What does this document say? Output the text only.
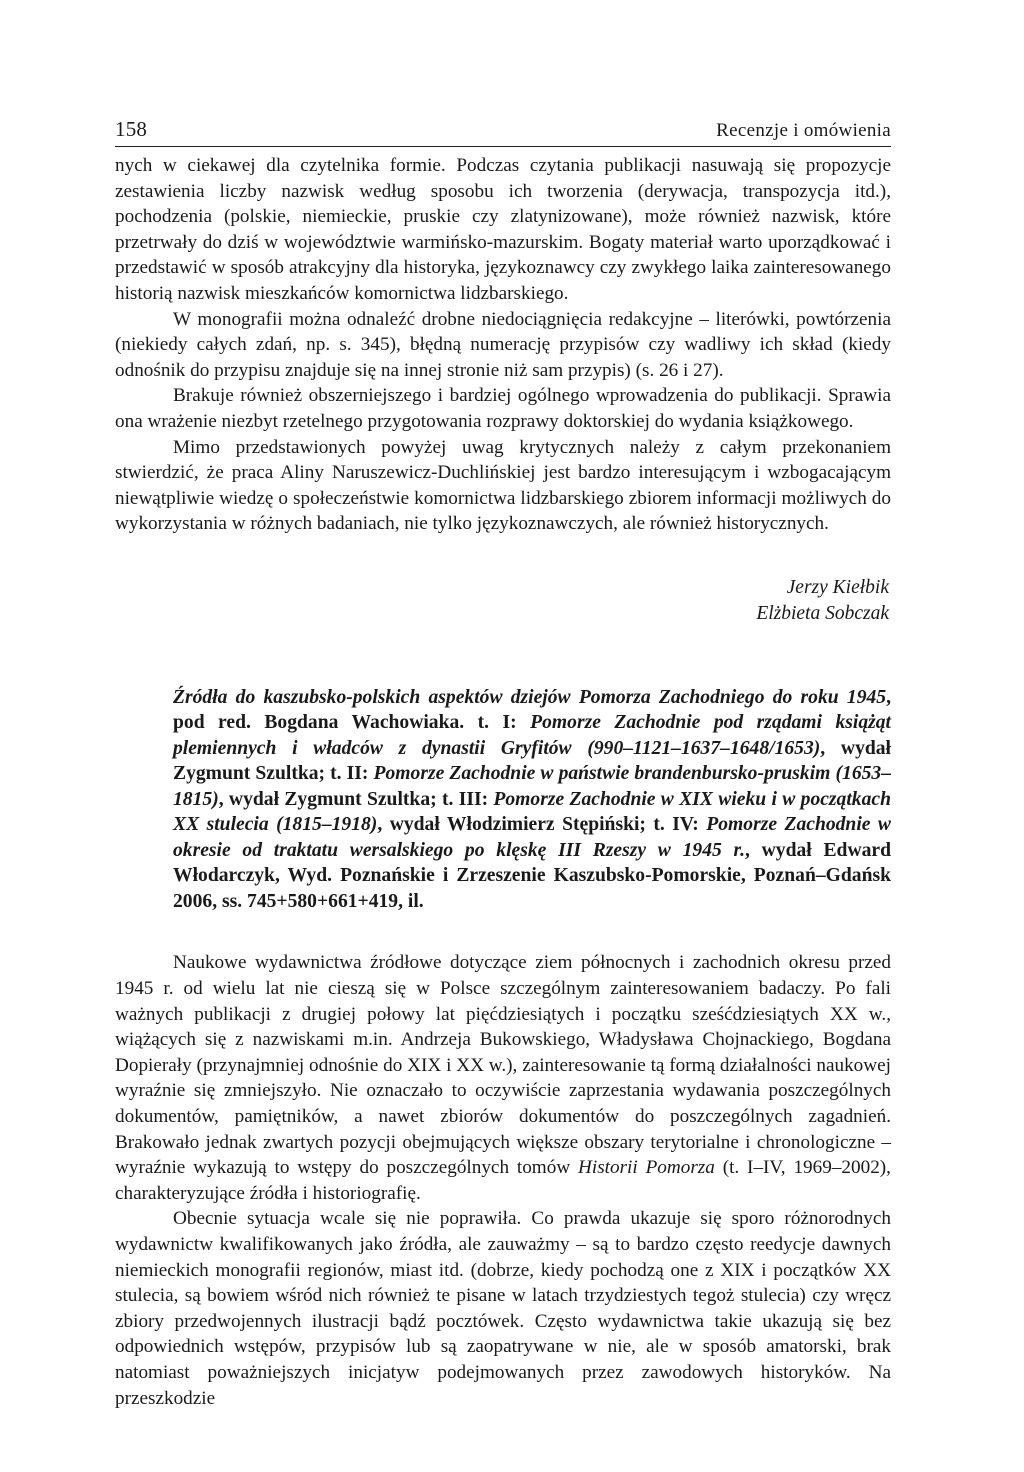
158	Recenzje i omówienia

nych w ciekawej dla czytelnika formie. Podczas czytania publikacji nasuwają się propozycje zestawienia liczby nazwisk według sposobu ich tworzenia (derywacja, transpozycja itd.), pochodzenia (polskie, niemieckie, pruskie czy zlatynizowane), może również nazwisk, które przetrwały do dziś w województwie warmińsko-mazurskim. Bogaty materiał warto uporządkować i przedstawić w sposób atrakcyjny dla historyka, językoznawcy czy zwykłego laika zainteresowanego historią nazwisk mieszkańców komornictwa lidzbarskiego.

W monografii można odnaleźć drobne niedociągnięcia redakcyjne – literówki, powtórzenia (niekiedy całych zdań, np. s. 345), błędną numerację przypisów czy wadliwy ich skład (kiedy odnośnik do przypisu znajduje się na innej stronie niż sam przypis) (s. 26 i 27).

Brakuje również obszerniejszego i bardziej ogólnego wprowadzenia do publikacji. Sprawia ona wrażenie niezbyt rzetelnego przygotowania rozprawy doktorskiej do wydania książkowego.

Mimo przedstawionych powyżej uwag krytycznych należy z całym przekonaniem stwierdzić, że praca Aliny Naruszewicz-Duchlińskiej jest bardzo interesującym i wzbogacającym niewątpliwie wiedzę o społeczeństwie komornictwa lidzbarskiego zbiorem informacji możliwych do wykorzystania w różnych badaniach, nie tylko językoznawczych, ale również historycznych.

Jerzy Kiełbik
Elżbieta Sobczak
Źródła do kaszubsko-polskich aspektów dziejów Pomorza Zachodniego do roku 1945, pod red. Bogdana Wachowiaka. t. I: Pomorze Zachodnie pod rządami książąt plemiennych i władców z dynastii Gryfitów (990–1121–1637–1648/1653), wydał Zygmunt Szultka; t. II: Pomorze Zachodnie w państwie brandenbursko-pruskim (1653–1815), wydał Zygmunt Szultka; t. III: Pomorze Zachodnie w XIX wieku i w początkach XX stulecia (1815–1918), wydał Włodzimierz Stępiński; t. IV: Pomorze Zachodnie w okresie od traktatu wersalskiego po klęskę III Rzeszy w 1945 r., wydał Edward Włodarczyk, Wyd. Poznańskie i Zrzeszenie Kaszubsko-Pomorskie, Poznań–Gdańsk 2006, ss. 745+580+661+419, il.

Naukowe wydawnictwa źródłowe dotyczące ziem północnych i zachodnich okresu przed 1945 r. od wielu lat nie cieszą się w Polsce szczególnym zainteresowaniem badaczy. Po fali ważnych publikacji z drugiej połowy lat pięćdziesiątych i początku sześćdziesiątych XX w., wiążących się z nazwiskami m.in. Andrzeja Bukowskiego, Władysława Chojnackiego, Bogdana Dopierały (przynajmniej odnośnie do XIX i XX w.), zainteresowanie tą formą działalności naukowej wyraźnie się zmniejszyło. Nie oznaczało to oczywiście zaprzestania wydawania poszczególnych dokumentów, pamiętników, a nawet zbiorów dokumentów do poszczególnych zagadnień. Brakowało jednak zwartych pozycji obejmujących większe obszary terytorialne i chronologiczne – wyraźnie wykazują to wstępy do poszczególnych tomów Historii Pomorza (t. I–IV, 1969–2002), charakteryzujące źródła i historiografię.

Obecnie sytuacja wcale się nie poprawiła. Co prawda ukazuje się sporo różnorodnych wydawnictw kwalifikowanych jako źródła, ale zauważmy – są to bardzo często reedycje dawnych niemieckich monografii regionów, miast itd. (dobrze, kiedy pochodzą one z XIX i początków XX stulecia, są bowiem wśród nich również te pisane w latach trzydziestych tegoż stulecia) czy wręcz zbiory przedwojennych ilustracji bądź pocztówek. Często wydawnictwa takie ukazują się bez odpowiednich wstępów, przypisów lub są zaopatrywane w nie, ale w sposób amatorski, brak natomiast poważniejszych inicjatyw podejmowanych przez zawodowych historyków. Na przeszkodzie
